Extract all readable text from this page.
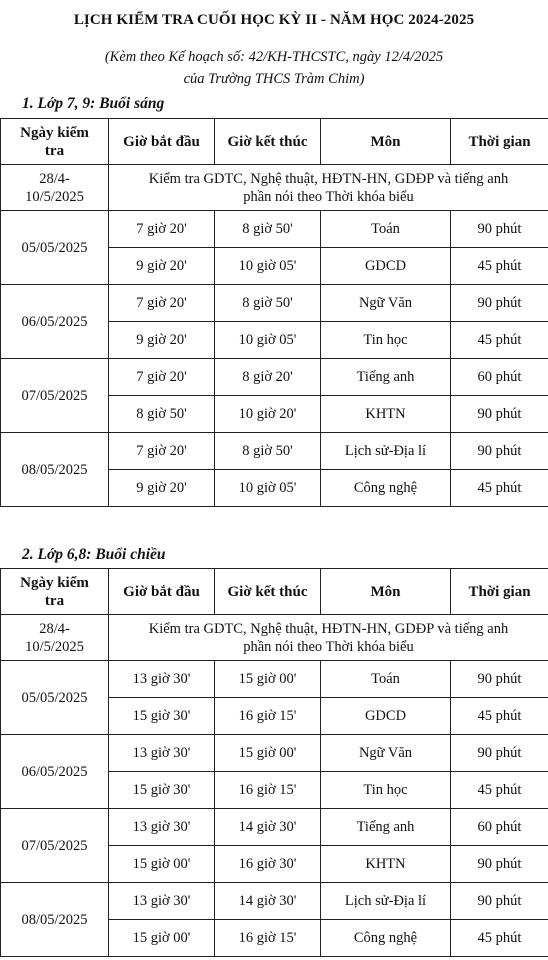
LỊCH KIỂM TRA CUỐI HỌC KỲ II - NĂM HỌC 2024-2025
(Kèm theo Kế hoạch số: 42/KH-THCSTC, ngày 12/4/2025
của Trường THCS Tràm Chim)
1. Lớp 7, 9: Buổi sáng
Ngày kiểm
tra	Giờ bắt đầu	Giờ kết thúc	Môn	Thời gian
28/4-
10/5/2025	Kiểm tra GDTC, Nghệ thuật, HĐTN-HN, GDĐP và tiếng anh
phần nói theo Thời khóa biểu			
05/05/2025	7 giờ 20'	8 giờ 50'	Toán	90 phút
	9 giờ 20'	10 giờ 05'	GDCD	45 phút
06/05/2025	7 giờ 20'	8 giờ 50'	Ngữ Văn	90 phút
	9 giờ 20'	10 giờ 05'	Tin học	45 phút
07/05/2025	7 giờ 20'	8 giờ 20'	Tiếng anh	60 phút
	8 giờ 50'	10 giờ 20'	KHTN	90 phút
08/05/2025	7 giờ 20'	8 giờ 50'	Lịch sử-Địa lí	90 phút
	9 giờ 20'	10 giờ 05'	Công nghệ	45 phút
2. Lớp 6,8: Buổi chiều
Ngày kiểm
tra	Giờ bắt đầu	Giờ kết thúc	Môn	Thời gian
28/4-
10/5/2025	Kiểm tra GDTC, Nghệ thuật, HĐTN-HN, GDĐP và tiếng anh
phần nói theo Thời khóa biểu			
05/05/2025	13 giờ 30'	15 giờ 00'	Toán	90 phút
	15 giờ 30'	16 giờ 15'	GDCD	45 phút
06/05/2025	13 giờ 30'	15 giờ 00'	Ngữ Văn	90 phút
	15 giờ 30'	16 giờ 15'	Tin học	45 phút
07/05/2025	13 giờ 30'	14 giờ 30'	Tiếng anh	60 phút
	15 giờ 00'	16 giờ 30'	KHTN	90 phút
08/05/2025	13 giờ 30'	14 giờ 30'	Lịch sử-Địa lí	90 phút
	15 giờ 00'	16 giờ 15'	Công nghệ	45 phút
